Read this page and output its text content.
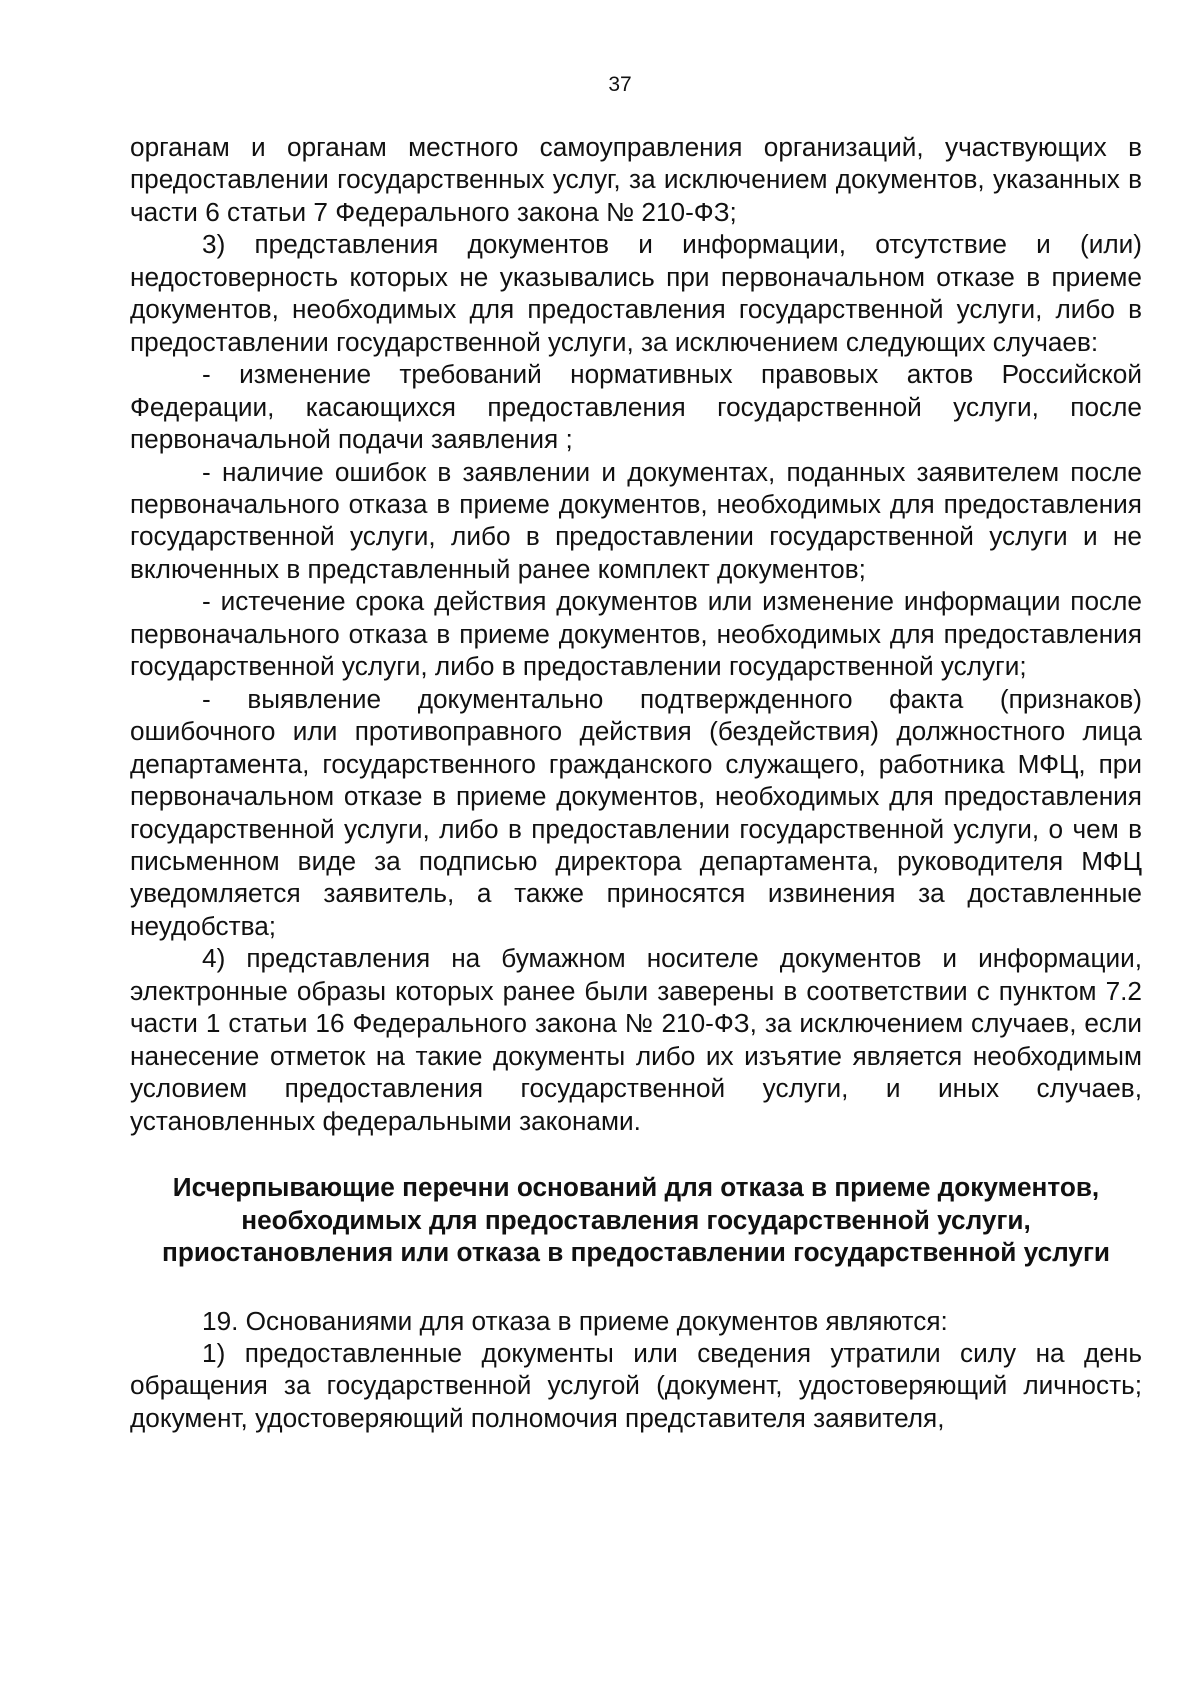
37

органам и органам местного самоуправления организаций, участвующих в предоставлении государственных услуг, за исключением документов, указанных в части 6 статьи 7 Федерального закона № 210-ФЗ;

3) представления документов и информации, отсутствие и (или) недостоверность которых не указывались при первоначальном отказе в приеме документов, необходимых для предоставления государственной услуги, либо в предоставлении государственной услуги, за исключением следующих случаев:

- изменение требований нормативных правовых актов Российской Федерации, касающихся предоставления государственной услуги, после первоначальной подачи заявления ;

- наличие ошибок в заявлении и документах, поданных заявителем после первоначального отказа в приеме документов, необходимых для предоставления государственной услуги, либо в предоставлении государственной услуги и не включенных в представленный ранее комплект документов;

- истечение срока действия документов или изменение информации после первоначального отказа в приеме документов, необходимых для предоставления государственной услуги, либо в предоставлении государственной услуги;

- выявление документально подтвержденного факта (признаков) ошибочного или противоправного действия (бездействия) должностного лица департамента, государственного гражданского служащего, работника МФЦ, при первоначальном отказе в приеме документов, необходимых для предоставления государственной услуги, либо в предоставлении государственной услуги, о чем в письменном виде за подписью директора департамента, руководителя МФЦ уведомляется заявитель, а также приносятся извинения за доставленные неудобства;

4) представления на бумажном носителе документов и информации, электронные образы которых ранее были заверены в соответствии с пунктом 7.2 части 1 статьи 16 Федерального закона № 210-ФЗ, за исключением случаев, если нанесение отметок на такие документы либо их изъятие является необходимым условием предоставления государственной услуги, и иных случаев, установленных федеральными законами.

Исчерпывающие перечни оснований для отказа в приеме документов, необходимых для предоставления государственной услуги, приостановления или отказа в предоставлении государственной услуги

19. Основаниями для отказа в приеме документов являются:

1) предоставленные документы или сведения утратили силу на день обращения за государственной услугой (документ, удостоверяющий личность; документ, удостоверяющий полномочия представителя заявителя,
